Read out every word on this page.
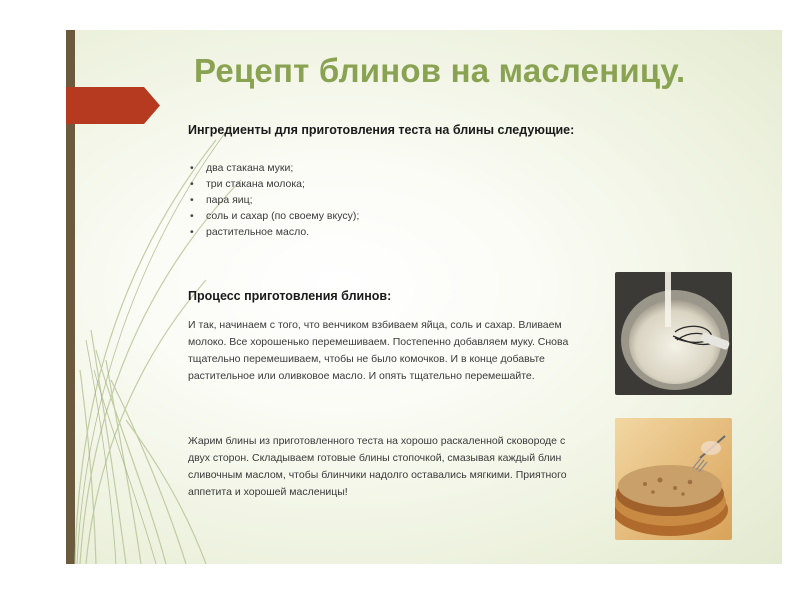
Рецепт блинов на масленицу.
Ингредиенты для приготовления теста на блины следующие:
• два стакана муки;
• три стакана молока;
• пара яиц;
• соль и сахар (по своему вкусу);
• растительное масло.
Процесс приготовления блинов:

И так, начинаем с того, что венчиком взбиваем яйца, соль и сахар. Вливаем молоко. Все хорошенько перемешиваем. Постепенно добавляем муку. Снова тщательно перемешиваем, чтобы не было комочков. И в конце добавьте растительное или оливковое масло. И опять тщательно перемешайте.

Жарим блины из приготовленного теста на хорошо раскаленной сковороде с двух сторон. Складываем готовые блины стопочкой, смазывая каждый блин сливочным маслом, чтобы блинчики надолго оставались мягкими. Приятного аппетита и хорошей масленицы!
